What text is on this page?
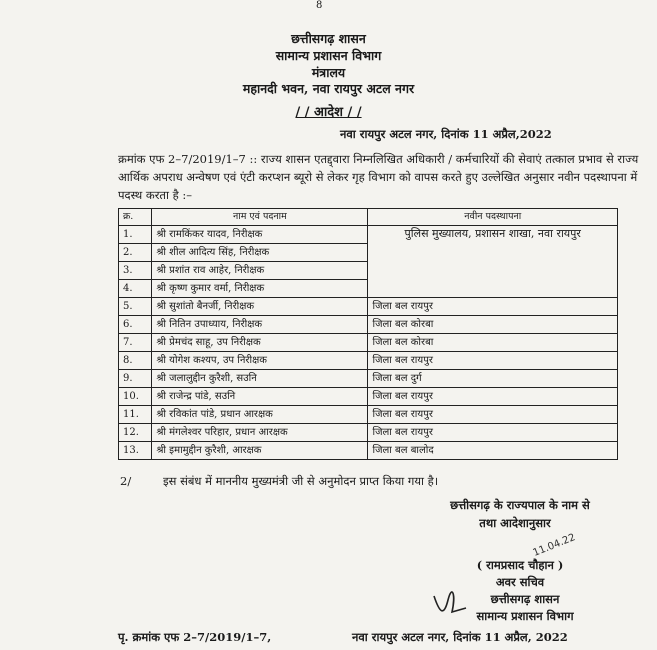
8
छत्तीसगढ़ शासन
सामान्य प्रशासन विभाग
मंत्रालय
महानदी भवन, नवा रायपुर अटल नगर
/ / आदेश / /
नवा रायपुर अटल नगर, दिनांक 11 अप्रैल,2022
क्रमांक एफ 2–7/2019/1–7 :: राज्य शासन एतद्द्वारा निम्नलिखित अधिकारी / कर्मचारियों की सेवाएं तत्काल प्रभाव से राज्य आर्थिक अपराध अन्वेषण एवं एंटी करप्शन ब्यूरो से लेकर गृह विभाग को वापस करते हुए उल्लेखित अनुसार नवीन पदस्थापना में पदस्थ करता है :–
क्र.	नाम एवं पदनाम	नवीन पदस्थापना
1.	श्री रामकिंकर यादव, निरीक्षक	पुलिस मुख्यालय, प्रशासन शाखा, नवा रायपुर
2.	श्री शील आदित्य सिंह, निरीक्षक	
3.	श्री प्रशांत राव आहेर, निरीक्षक	
4.	श्री कृष्ण कुमार वर्मा, निरीक्षक	
5.	श्री सुशांतो बैनर्जी, निरीक्षक	जिला बल रायपुर
6.	श्री नितिन उपाध्याय, निरीक्षक	जिला बल कोरबा
7.	श्री प्रेमचंद साहू, उप निरीक्षक	जिला बल कोरबा
8.	श्री योगेश कश्यप, उप निरीक्षक	जिला बल रायपुर
9.	श्री जलालुद्दीन कुरैशी, सउनि	जिला बल दुर्ग
10.	श्री राजेन्द्र पांडे, सउनि	जिला बल रायपुर
11.	श्री रविकांत पांडे, प्रधान आरक्षक	जिला बल रायपुर
12.	श्री मंगलेश्वर परिहार, प्रधान आरक्षक	जिला बल रायपुर
13.	श्री इमामुद्दीन कुरैशी, आरक्षक	जिला बल बालोद
2/	इस संबंध में माननीय मुख्यमंत्री जी से अनुमोदन प्राप्त किया गया है।
छत्तीसगढ़ के राज्यपाल के नाम से
तथा आदेशानुसार
11.04.22
( रामप्रसाद चौहान )
अवर सचिव
छत्तीसगढ़ शासन
सामान्य प्रशासन विभाग
पृ. क्रमांक एफ 2–7/2019/1–7,	नवा रायपुर अटल नगर, दिनांक 11 अप्रैल, 2022
